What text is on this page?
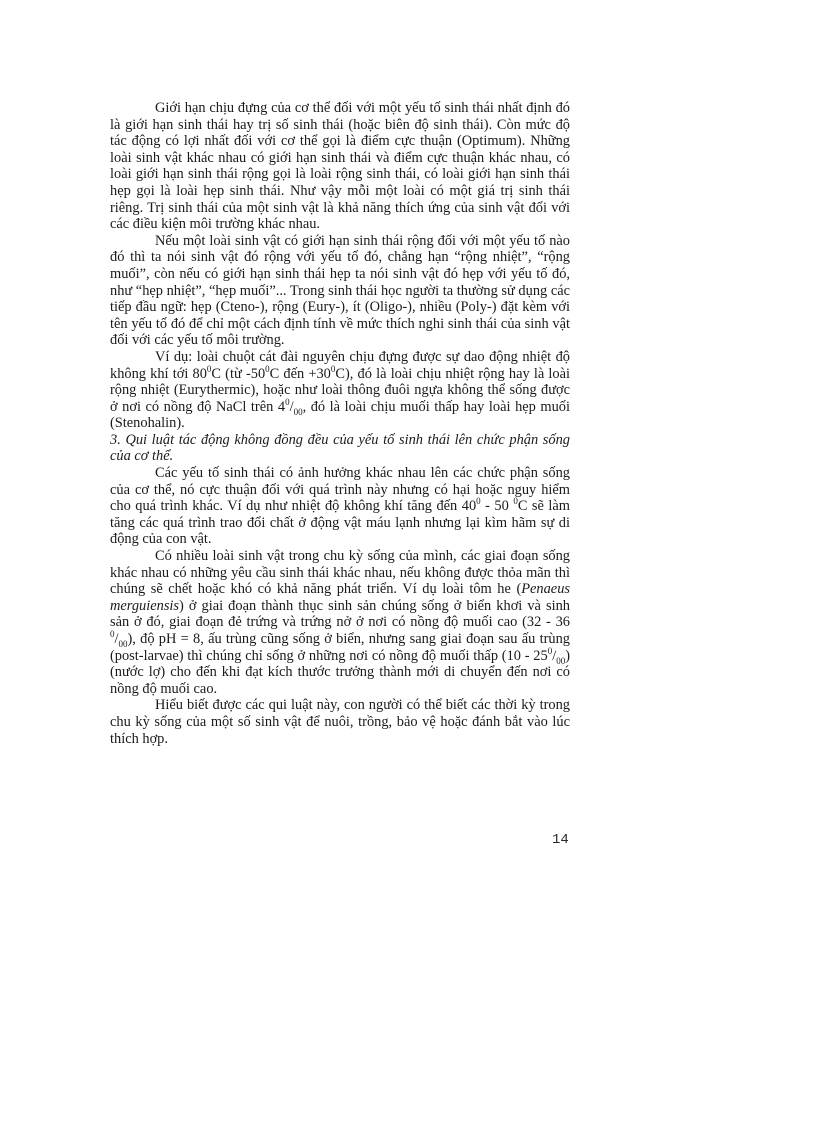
Giới hạn chịu đựng của cơ thể đối với một yếu tố sinh thái nhất định đó là giới hạn sinh thái hay trị số sinh thái (hoặc biên độ sinh thái). Còn mức độ tác động có lợi nhất đối với cơ thể gọi là điểm cực thuận (Optimum). Những loài sinh vật khác nhau có giới hạn sinh thái và điểm cực thuận khác nhau, có loài giới hạn sinh thái rộng gọi là loài rộng sinh thái, có loài giới hạn sinh thái hẹp gọi là loài hẹp sinh thái. Như vậy mỗi một loài có một giá trị sinh thái riêng. Trị sinh thái của một sinh vật là khả năng thích ứng của sinh vật đối với các điều kiện môi trường khác nhau.

Nếu một loài sinh vật có giới hạn sinh thái rộng đối với một yếu tố nào đó thì ta nói sinh vật đó rộng với yếu tố đó, chẳng hạn “rộng nhiệt”, “rộng muối”, còn nếu có giới hạn sinh thái hẹp ta nói sinh vật đó hẹp với yếu tố đó, như “hẹp nhiệt”, “hẹp muối”... Trong sinh thái học người ta thường sử dụng các tiếp đầu ngữ: hẹp (Cteno-), rộng (Eury-), ít (Oligo-), nhiều (Poly-) đặt kèm với tên yếu tố đó để chỉ một cách định tính về mức thích nghi sinh thái của sinh vật đối với các yếu tố môi trường.

Ví dụ: loài chuột cát đài nguyên chịu đựng được sự dao động nhiệt độ không khí tới $80^0C$ (từ $-50^0C$ đến $+30^0C$), đó là loài chịu nhiệt rộng hay là loài rộng nhiệt (Eurythermic), hoặc như loài thông đuôi ngựa không thể sống được ở nơi có nồng độ NaCl trên $4^0/_{00}$, đó là loài chịu muối thấp hay loài hẹp muối (Stenohalin).

3. Qui luật tác động không đồng đều của yếu tố sinh thái lên chức phận sống của cơ thể.

Các yếu tố sinh thái có ảnh hưởng khác nhau lên các chức phận sống của cơ thể, nó cực thuận đối với quá trình này nhưng có hại hoặc nguy hiểm cho quá trình khác. Ví dụ như nhiệt độ không khí tăng đến $40^0 - 50$ $^0$C sẽ làm tăng các quá trình trao đổi chất ở động vật máu lạnh nhưng lại kìm hãm sự di động của con vật.

Có nhiều loài sinh vật trong chu kỳ sống của mình, các giai đoạn sống khác nhau có những yêu cầu sinh thái khác nhau, nếu không được thỏa mãn thì chúng sẽ chết hoặc khó có khả năng phát triển. Ví dụ loài tôm he (Penaeus merguiensis) ở giai đoạn thành thục sinh sản chúng sống ở biển khơi và sinh sản ở đó, giai đoạn đẻ trứng và trứng nở ở nơi có nồng độ muối cao (32 - 36 $^0/_{00}$), độ pH = 8, ấu trùng cũng sống ở biển, nhưng sang giai đoạn sau ấu trùng (post-larvae) thì chúng chỉ sống ở những nơi có nồng độ muối thấp $(10 - 25^0/_{00})$ (nước lợ) cho đến khi đạt kích thước trưởng thành mới di chuyển đến nơi có nồng độ muối cao.

Hiểu biết được các qui luật này, con người có thể biết các thời kỳ trong chu kỳ sống của một số sinh vật để nuôi, trồng, bảo vệ hoặc đánh bắt vào lúc thích hợp.

14
